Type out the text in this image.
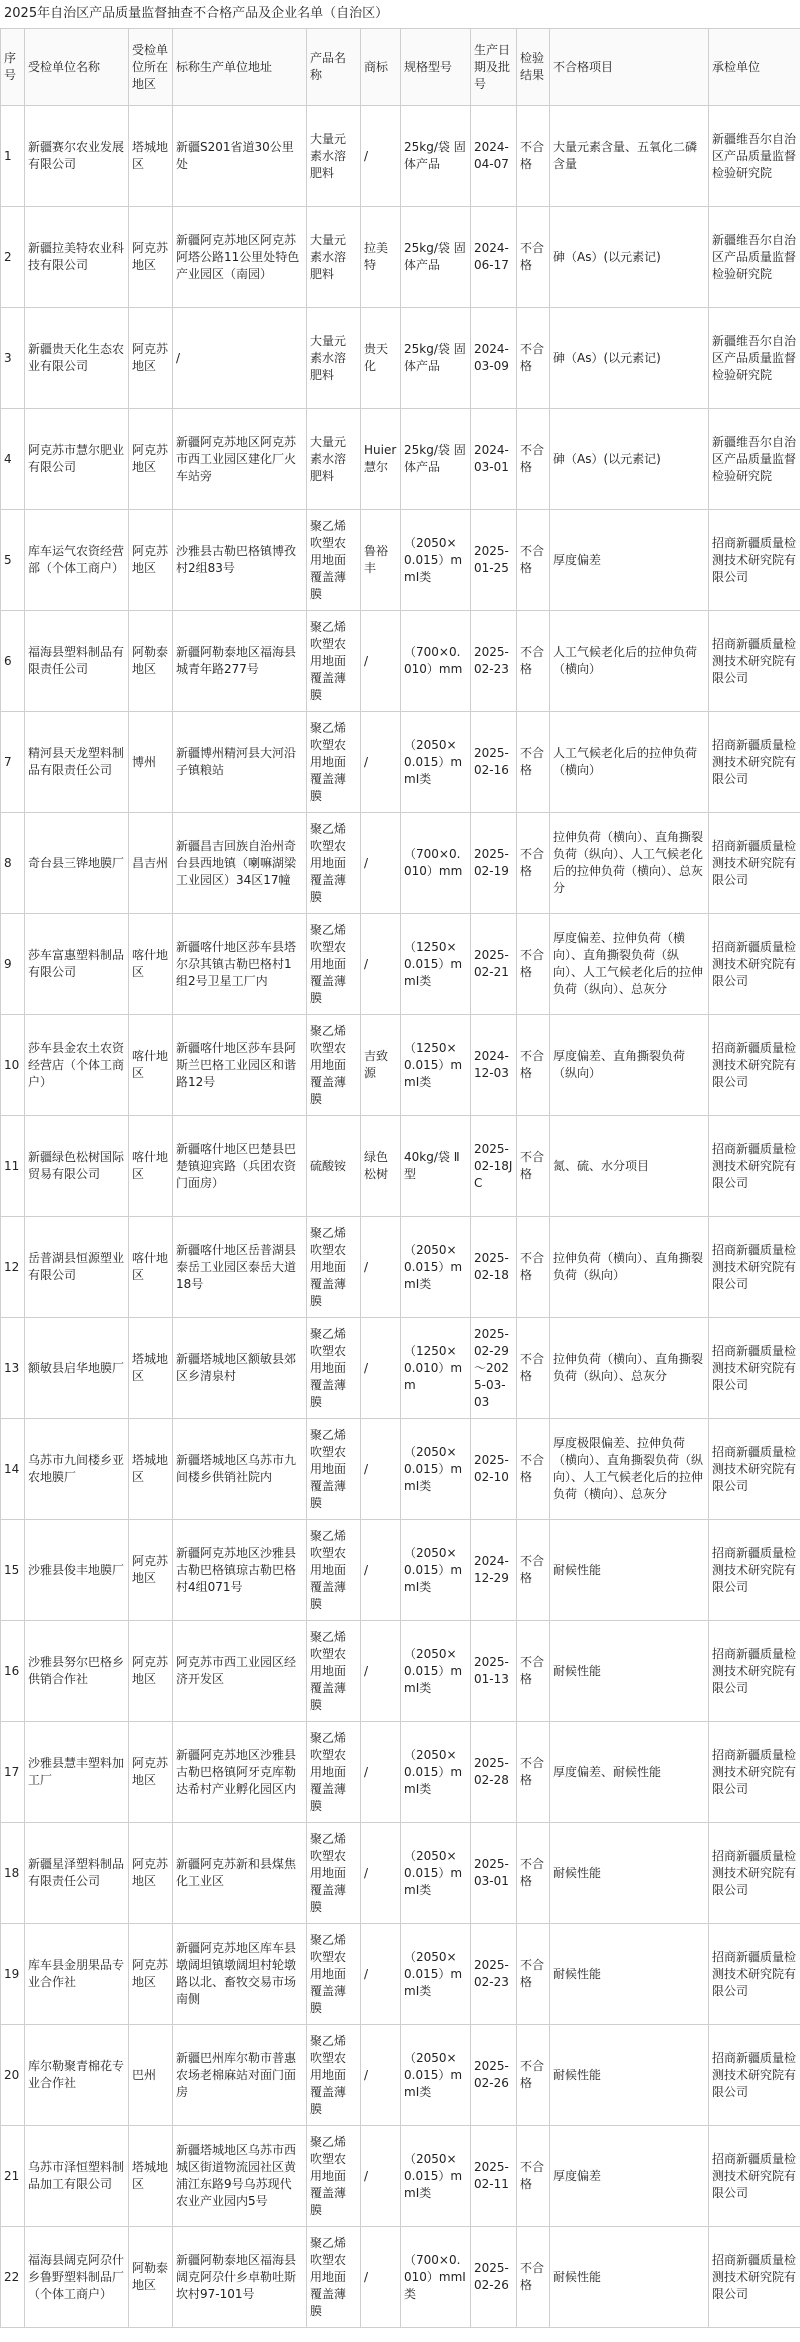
2025年自治区产品质量监督抽查不合格产品及企业名单（自治区）
序号	受检单位名称	受检单位所在地区	标称生产单位地址	产品名称	商标	规格型号	生产日期及批号	检验结果	不合格项目	承检单位
1	新疆赛尔农业发展有限公司	塔城地区	新疆S201省道30公里处	大量元素水溶肥料	/	25kg/袋 固体产品	2024-04-07	不合格	大量元素含量、五氧化二磷含量	新疆维吾尔自治区产品质量监督检验研究院
2	新疆拉美特农业科技有限公司	阿克苏地区	新疆阿克苏地区阿克苏阿塔公路11公里处特色产业园区（南园）	大量元素水溶肥料	拉美特	25kg/袋 固体产品	2024-06-17	不合格	砷（As）(以元素记)	新疆维吾尔自治区产品质量监督检验研究院
3	新疆贵天化生态农业有限公司	阿克苏地区	/	大量元素水溶肥料	贵天化	25kg/袋 固体产品	2024-03-09	不合格	砷（As）(以元素记)	新疆维吾尔自治区产品质量监督检验研究院
4	阿克苏市慧尔肥业有限公司	阿克苏地区	新疆阿克苏地区阿克苏市西工业园区建化厂火车站旁	大量元素水溶肥料	Huier慧尔	25kg/袋 固体产品	2024-03-01	不合格	砷（As）(以元素记)	新疆维吾尔自治区产品质量监督检验研究院
5	库车运气农资经营部（个体工商户）	阿克苏地区	沙雅县古勒巴格镇博孜村2组83号	聚乙烯吹塑农用地面覆盖薄膜	鲁裕丰	（2050×0.015）mmI类	2025-01-25	不合格	厚度偏差	招商新疆质量检测技术研究院有限公司
6	福海县塑料制品有限责任公司	阿勒泰地区	新疆阿勒泰地区福海县城青年路277号	聚乙烯吹塑农用地面覆盖薄膜	/	（700×0.010）mm	2025-02-23	不合格	人工气候老化后的拉伸负荷（横向）	招商新疆质量检测技术研究院有限公司
7	精河县天龙塑料制品有限责任公司	博州	新疆博州精河县大河沿子镇粮站	聚乙烯吹塑农用地面覆盖薄膜	/	（2050×0.015）mmI类	2025-02-16	不合格	人工气候老化后的拉伸负荷（横向）	招商新疆质量检测技术研究院有限公司
8	奇台县三铧地膜厂	昌吉州	新疆昌吉回族自治州奇台县西地镇（喇嘛湖梁工业园区）34区17幢	聚乙烯吹塑农用地面覆盖薄膜	/	（700×0.010）mm	2025-02-19	不合格	拉伸负荷（横向）、直角撕裂负荷（纵向）、人工气候老化后的拉伸负荷（横向）、总灰分	招商新疆质量检测技术研究院有限公司
9	莎车富惠塑料制品有限公司	喀什地区	新疆喀什地区莎车县塔尔尕其镇古勒巴格村1组2号卫星工厂内	聚乙烯吹塑农用地面覆盖薄膜	/	（1250×0.015）mmI类	2025-02-21	不合格	厚度偏差、拉伸负荷（横向）、直角撕裂负荷（纵向）、人工气候老化后的拉伸负荷（纵向）、总灰分	招商新疆质量检测技术研究院有限公司
10	莎车县金农土农资经营店（个体工商户）	喀什地区	新疆喀什地区莎车县阿斯兰巴格工业园区和谐路12号	聚乙烯吹塑农用地面覆盖薄膜	吉致源	（1250×0.015）mmI类	2024-12-03	不合格	厚度偏差、直角撕裂负荷（纵向）	招商新疆质量检测技术研究院有限公司
11	新疆绿色松树国际贸易有限公司	喀什地区	新疆喀什地区巴楚县巴楚镇迎宾路（兵团农资门面房）	硫酸铵	绿色松树	40kg/袋 Ⅱ型	2025-02-18JC	不合格	氮、硫、水分项目	招商新疆质量检测技术研究院有限公司
12	岳普湖县恒源塑业有限公司	喀什地区	新疆喀什地区岳普湖县泰岳工业园区泰岳大道18号	聚乙烯吹塑农用地面覆盖薄膜	/	（2050×0.015）mmI类	2025-02-18	不合格	拉伸负荷（横向）、直角撕裂负荷（纵向）	招商新疆质量检测技术研究院有限公司
13	额敏县启华地膜厂	塔城地区	新疆塔城地区额敏县郊区乡清泉村	聚乙烯吹塑农用地面覆盖薄膜	/	（1250×0.010）mm	2025-02-29～2025-03-03	不合格	拉伸负荷（横向）、直角撕裂负荷（纵向）、总灰分	招商新疆质量检测技术研究院有限公司
14	乌苏市九间楼乡亚农地膜厂	塔城地区	新疆塔城地区乌苏市九间楼乡供销社院内	聚乙烯吹塑农用地面覆盖薄膜	/	（2050×0.015）mmI类	2025-02-10	不合格	厚度极限偏差、拉伸负荷（横向）、直角撕裂负荷（纵向）、人工气候老化后的拉伸负荷（横向）、总灰分	招商新疆质量检测技术研究院有限公司
15	沙雅县俊丰地膜厂	阿克苏地区	新疆阿克苏地区沙雅县古勒巴格镇琼古勒巴格村4组071号	聚乙烯吹塑农用地面覆盖薄膜	/	（2050×0.015）mmI类	2024-12-29	不合格	耐候性能	招商新疆质量检测技术研究院有限公司
16	沙雅县努尔巴格乡供销合作社	阿克苏地区	阿克苏市西工业园区经济开发区	聚乙烯吹塑农用地面覆盖薄膜	/	（2050×0.015）mmI类	2025-01-13	不合格	耐候性能	招商新疆质量检测技术研究院有限公司
17	沙雅县慧丰塑料加工厂	阿克苏地区	新疆阿克苏地区沙雅县古勒巴格镇阿牙克库勒达希村产业孵化园区内	聚乙烯吹塑农用地面覆盖薄膜	/	（2050×0.015）mmI类	2025-02-28	不合格	厚度偏差、耐候性能	招商新疆质量检测技术研究院有限公司
18	新疆星泽塑料制品有限责任公司	阿克苏地区	新疆阿克苏新和县煤焦化工业区	聚乙烯吹塑农用地面覆盖薄膜	/	（2050×0.015）mmI类	2025-03-01	不合格	耐候性能	招商新疆质量检测技术研究院有限公司
19	库车县金朋果品专业合作社	阿克苏地区	新疆阿克苏地区库车县墩阔坦镇墩阔坦村轮墩路以北、畜牧交易市场南侧	聚乙烯吹塑农用地面覆盖薄膜	/	（2050×0.015）mmI类	2025-02-23	不合格	耐候性能	招商新疆质量检测技术研究院有限公司
20	库尔勒聚青棉花专业合作社	巴州	新疆巴州库尔勒市普惠农场老棉麻站对面门面房	聚乙烯吹塑农用地面覆盖薄膜	/	（2050×0.015）mmI类	2025-02-26	不合格	耐候性能	招商新疆质量检测技术研究院有限公司
21	乌苏市泽恒塑料制品加工有限公司	塔城地区	新疆塔城地区乌苏市西城区街道物流园社区黄浦江东路9号乌苏现代农业产业园内5号	聚乙烯吹塑农用地面覆盖薄膜	/	（2050×0.015）mmI类	2025-02-11	不合格	厚度偏差	招商新疆质量检测技术研究院有限公司
22	福海县阔克阿尕什乡鲁野塑料制品厂（个体工商户）	阿勒泰地区	新疆阿勒泰地区福海县阔克阿尕什乡卓勒吐斯坎村97-101号	聚乙烯吹塑农用地面覆盖薄膜	/	（700×0.010）mmI类	2025-02-26	不合格	耐候性能	招商新疆质量检测技术研究院有限公司
